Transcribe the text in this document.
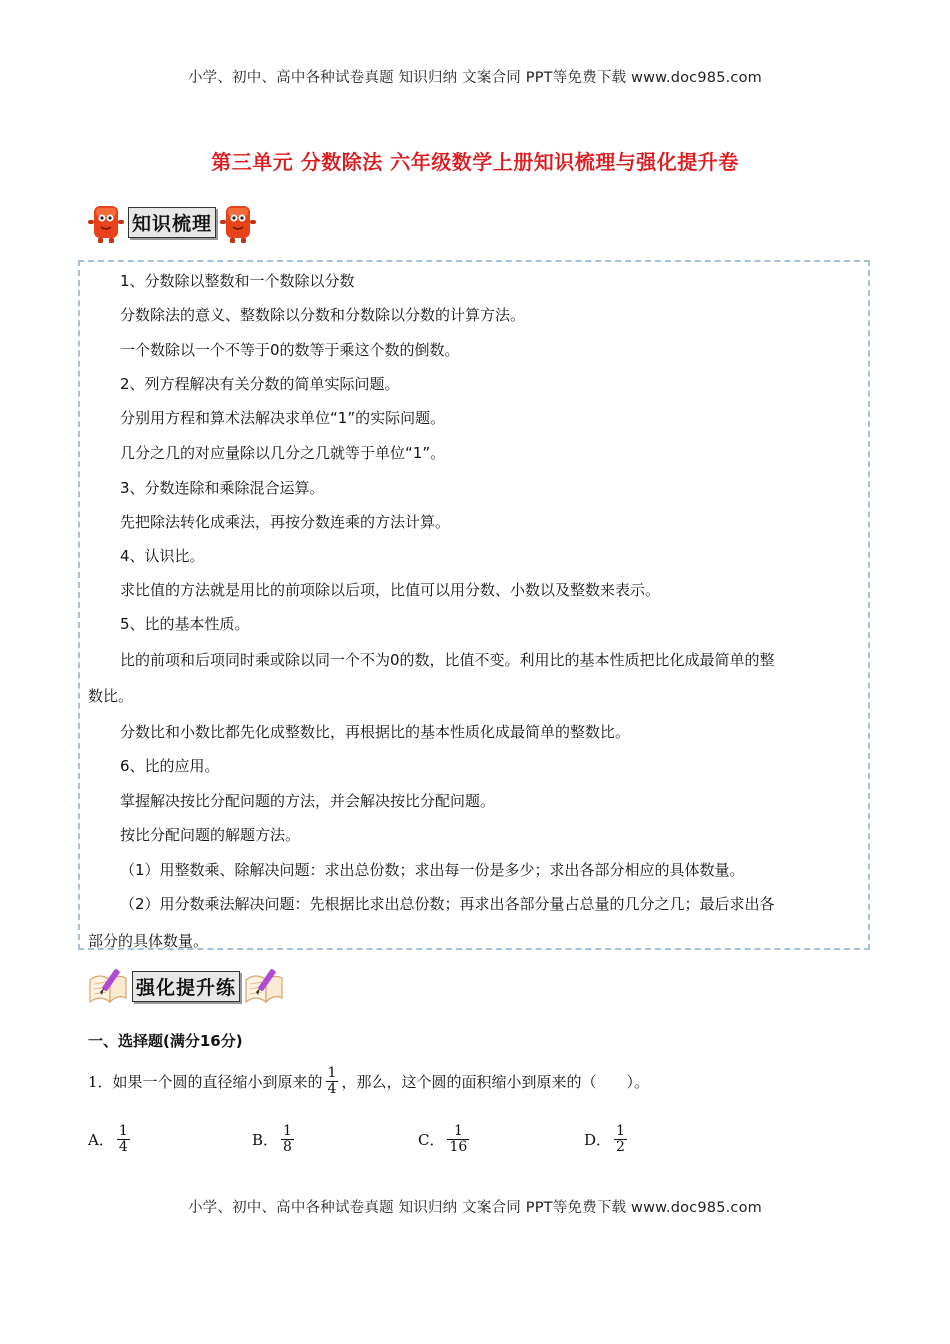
小学、初中、高中各种试卷真题 知识归纳 文案合同 PPT等免费下载 www.doc985.com
第三单元 分数除法 六年级数学上册知识梳理与强化提升卷
知识梳理
1、分数除以整数和一个数除以分数
分数除法的意义、整数除以分数和分数除以分数的计算方法。
一个数除以一个不等于0的数等于乘这个数的倒数。
2、列方程解决有关分数的简单实际问题。
分别用方程和算术法解决求单位“1”的实际问题。
几分之几的对应量除以几分之几就等于单位“1”。
3、分数连除和乘除混合运算。
先把除法转化成乘法，再按分数连乘的方法计算。
4、认识比。
求比值的方法就是用比的前项除以后项，比值可以用分数、小数以及整数来表示。
5、比的基本性质。
比的前项和后项同时乘或除以同一个不为0的数，比值不变。利用比的基本性质把比化成最简单的整
数比。
分数比和小数比都先化成整数比，再根据比的基本性质化成最简单的整数比。
6、比的应用。
掌握解决按比分配问题的方法，并会解决按比分配问题。
按比分配问题的解题方法。
（1）用整数乘、除解决问题：求出总份数；求出每一份是多少；求出各部分相应的具体数量。
（2）用分数乘法解决问题：先根据比求出总份数；再求出各部分量占总量的几分之几；最后求出各
部分的具体数量。
强化提升练
一、选择题(满分16分)
1．如果一个圆的直径缩小到原来的 $\frac{1}{4}$ ，那么，这个圆的面积缩小到原来的（　　）。
A． $\frac{1}{4}$	B． $\frac{1}{8}$	C． $\frac{1}{16}$	D． $\frac{1}{2}$
小学、初中、高中各种试卷真题 知识归纳 文案合同 PPT等免费下载 www.doc985.com
